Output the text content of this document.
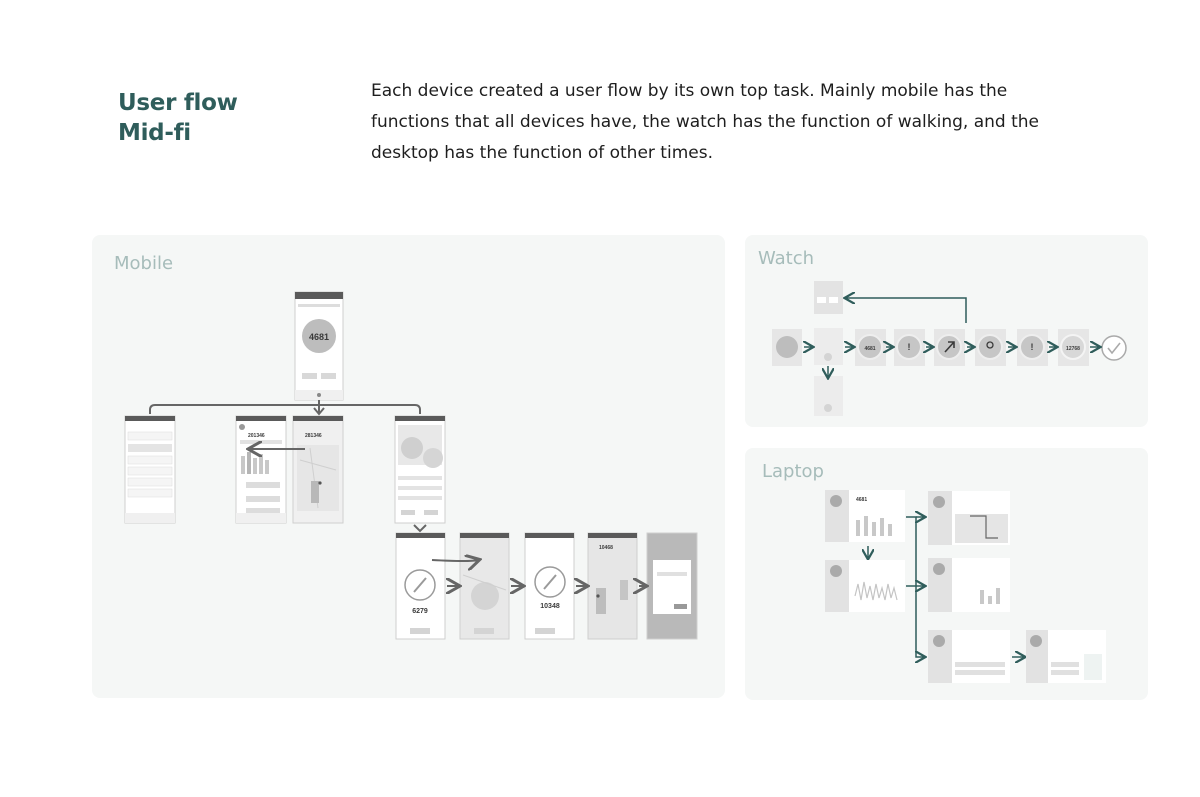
User flow
Mid-fi
Each device created a user flow by its own top task. Mainly mobile has the functions that all devices have, the watch has the function of walking, and the desktop has the function of other times.
Mobile	Watch
Laptop
4681
201346	281346
6279
10348
10468
4681	!	!	12768
4681
